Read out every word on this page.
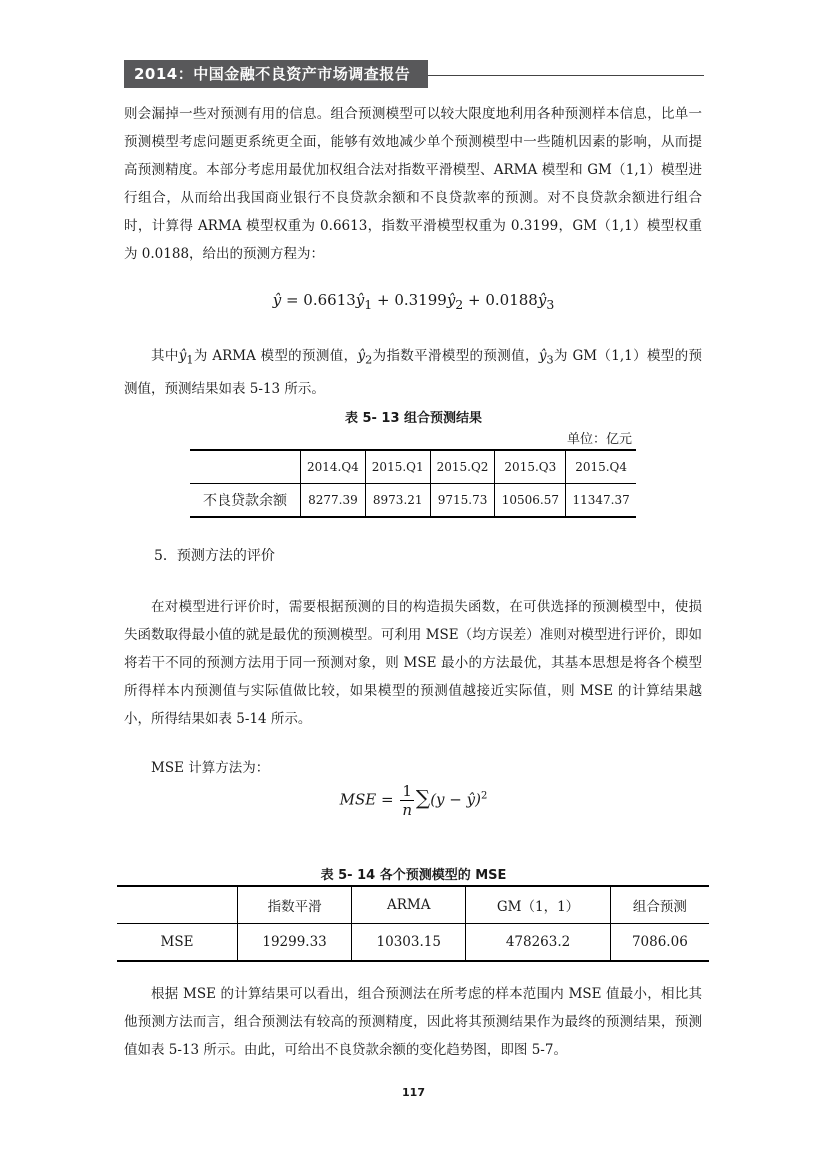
2014：中国金融不良资产市场调查报告

则会漏掉一些对预测有用的信息。组合预测模型可以较大限度地利用各种预测样本信息，比单一预测模型考虑问题更系统更全面，能够有效地减少单个预测模型中一些随机因素的影响，从而提高预测精度。本部分考虑用最优加权组合法对指数平滑模型、ARMA 模型和 GM（1,1）模型进行组合，从而给出我国商业银行不良贷款余额和不良贷款率的预测。对不良贷款余额进行组合时，计算得 ARMA 模型权重为 0.6613，指数平滑模型权重为 0.3199，GM（1,1）模型权重为 0.0188，给出的预测方程为：

ŷ = $0.6613ŷ_1$ + $0.3199ŷ_2$ + $0.0188ŷ_3$

其中$ŷ_1$为 ARMA 模型的预测值，$ŷ_2$为指数平滑模型的预测值，$ŷ_3$为 GM（1,1）模型的预测值，预测结果如表 5-13 所示。

表 5- 13 组合预测结果
单位：亿元
	2014.Q4	2015.Q1	2015.Q2	2015.Q3	2015.Q4
不良贷款余额	8277.39	8973.21	9715.73	10506.57	11347.37
5．预测方法的评价

在对模型进行评价时，需要根据预测的目的构造损失函数，在可供选择的预测模型中，使损失函数取得最小值的就是最优的预测模型。可利用 MSE（均方误差）准则对模型进行评价，即如将若干不同的预测方法用于同一预测对象，则 MSE 最小的方法最优，其基本思想是将各个模型所得样本内预测值与实际值做比较，如果模型的预测值越接近实际值，则 MSE 的计算结果越小，所得结果如表 5-14 所示。

MSE 计算方法为：

MSE = $\frac{1}{n} \sum(y$ − ŷ)$^2$
表 5- 14 各个预测模型的 MSE
	指数平滑	ARMA	GM（1，1）	组合预测
MSE	19299.33	10303.15	478263.2	7086.06

根据 MSE 的计算结果可以看出，组合预测法在所考虑的样本范围内 MSE 值最小，相比其他预测方法而言，组合预测法有较高的预测精度，因此将其预测结果作为最终的预测结果，预测值如表 5-13 所示。由此，可给出不良贷款余额的变化趋势图，即图 5-7。

117
